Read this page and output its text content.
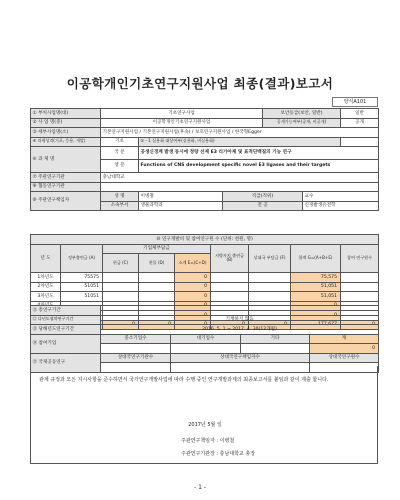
이공학개인기초연구지원사업 최종(결과)보고서
양식A101
① 부처사업명(대)	기초연구사업			보안등급(보안, 일반)		일반
② 사 업 명(중)	이공학개인기초연구지원사업			공개가능여부(공개, 비공개)		공개
③ 세부사업명(소)	기본연구지원사업 / 기본연구지원사업(후속) / 보호연구지원사업 / 한국형Egger					
④ 과제성격(기초, 응용, 개발)	기초	⑤ - 1 실용화 대상여부(실용화, 비실용화)				
⑥ 과 제 명	국 문	공생신경계 발생 동시에 정량 선제 E3 리가아제 및 표적단백질의 기능 연구				
	영 문	Functions of CNS development specific novel E3 ligases and their targets				
⑦ 주관연구기관	충남대학교					
⑧ 협동연구기관						
⑨ 주관연구책임자	성 명	이병철	직급(직위)		교수	
	소속부서	생물과학과	전 공		신경발생유전학	
⑩ 연구개발비 및 참여연구원 수 (단위: 천원, 명)								
년 도	정부출연금 (A)	기업체부담금			지방자치 출연금 (B)	상대국 부담금 (F)	합계 G=(A+B+E)	참여 연구원수
		현금 (C)	현물 (D)	소계 E=(C+D)				
1차년도	75575			0			75,575	
2차년도	51051			0			51,051	
3차년도	51051			0			51,051	
				0			0	
				0			0	
		0	0	0	0	0	177,677	0
⑪ 총연구기간				
⑫ 다년도협약연구기간	기재하지 않음			
⑬ 당해년도연구기간	2016. 5. 1 ~ 2017. 4. 30(12개월)			
⑭ 참여기업	중소기업수	대기업수	기타	계
				0
⑮ 국제공동연구	상대국연구기관수	상대국연구책임자수		상대국연구원수

관계 규정과 모든 지시사항을 준수하면서 국가연구개발사업에 따라 수행 중인 연구개발과제의 최종보고서를 붙임과 같이 제출 합니다.
2017년 5월 일
주관연구책임자 : 이병철
주관연구기관장 : 충남대학교 총장
- 1 -
